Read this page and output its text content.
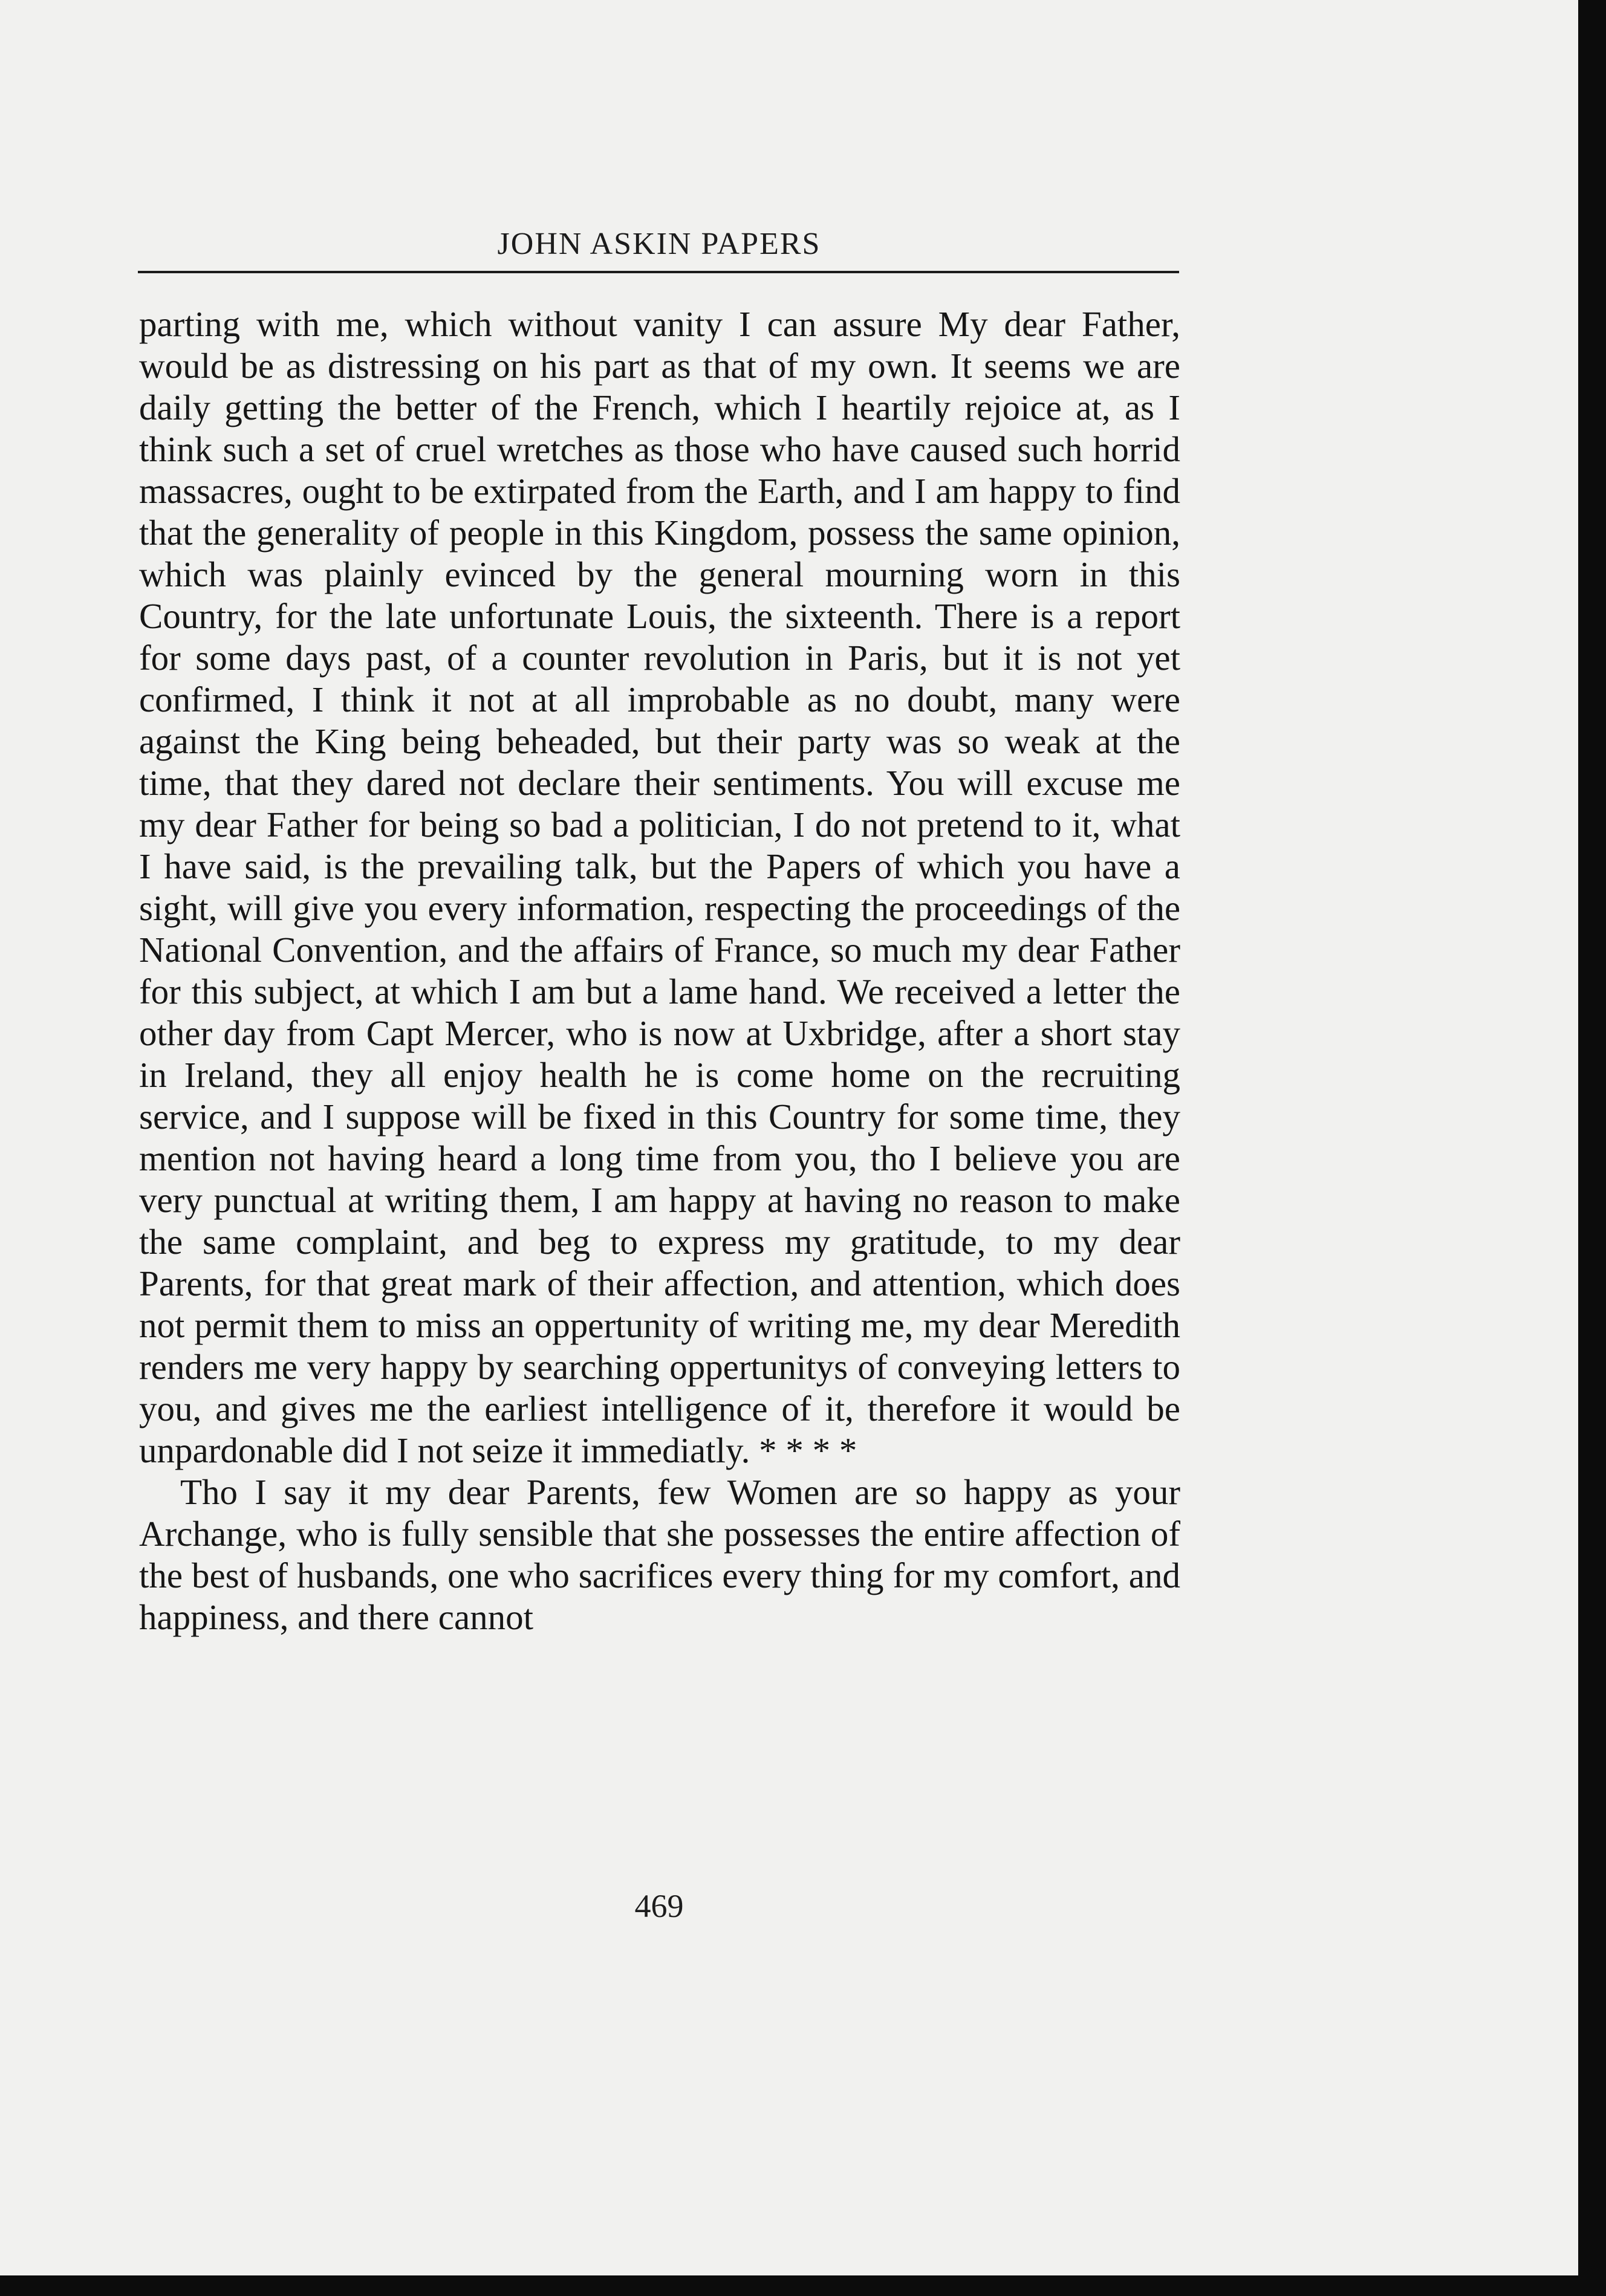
JOHN ASKIN PAPERS

parting with me, which without vanity I can assure My dear Father, would be as distressing on his part as that of my own. It seems we are daily getting the better of the French, which I heartily rejoice at, as I think such a set of cruel wretches as those who have caused such horrid massacres, ought to be extirpated from the Earth, and I am happy to find that the generality of people in this Kingdom, possess the same opinion, which was plainly evinced by the general mourning worn in this Country, for the late unfortunate Louis, the sixteenth. There is a report for some days past, of a counter revolution in Paris, but it is not yet confirmed, I think it not at all improbable as no doubt, many were against the King being beheaded, but their party was so weak at the time, that they dared not declare their sentiments. You will excuse me my dear Father for being so bad a politician, I do not pretend to it, what I have said, is the prevailing talk, but the Papers of which you have a sight, will give you every information, respecting the proceedings of the National Convention, and the affairs of France, so much my dear Father for this subject, at which I am but a lame hand. We received a letter the other day from Capt Mercer, who is now at Uxbridge, after a short stay in Ireland, they all enjoy health he is come home on the recruiting service, and I suppose will be fixed in this Country for some time, they mention not having heard a long time from you, tho I believe you are very punctual at writing them, I am happy at having no reason to make the same complaint, and beg to express my gratitude, to my dear Parents, for that great mark of their affection, and attention, which does not permit them to miss an oppertunity of writing me, my dear Meredith renders me very happy by searching oppertunitys of conveying letters to you, and gives me the earliest intelligence of it, therefore it would be unpardonable did I not seize it immediatly. * * * *

Tho I say it my dear Parents, few Women are so happy as your Archange, who is fully sensible that she possesses the entire affection of the best of husbands, one who sacrifices every thing for my comfort, and happiness, and there cannot

469
